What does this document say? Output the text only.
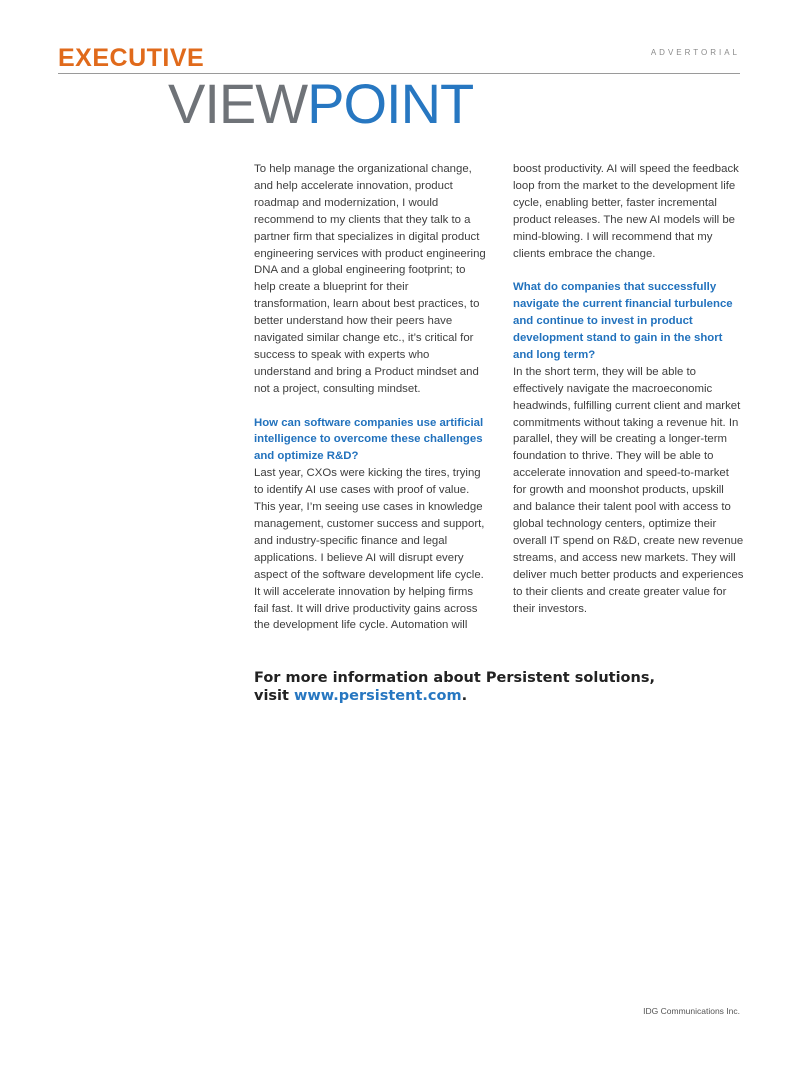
ADVERTORIAL
EXECUTIVE
VIEWPOINT

To help manage the organizational change, and help accelerate innovation, product roadmap and modernization, I would recommend to my clients that they talk to a partner firm that specializes in digital product engineering services with product engineering DNA and a global engineering footprint; to help create a blueprint for their transformation, learn about best practices, to better understand how their peers have navigated similar change etc., it’s critical for success to speak with experts who understand and bring a Product mindset and not a project, consulting mindset.

How can software companies use artificial intelligence to overcome these challenges and optimize R&D?

Last year, CXOs were kicking the tires, trying to identify AI use cases with proof of value. This year, I’m seeing use cases in knowledge management, customer success and support, and industry-specific finance and legal applications. I believe AI will disrupt every aspect of the software development life cycle. It will accelerate innovation by helping firms fail fast. It will drive productivity gains across the development life cycle. Automation will

boost productivity. AI will speed the feedback loop from the market to the development life cycle, enabling better, faster incremental product releases. The new AI models will be mind-blowing. I will recommend that my clients embrace the change.

What do companies that successfully navigate the current financial turbulence and continue to invest in product development stand to gain in the short and long term?

In the short term, they will be able to effectively navigate the macroeconomic headwinds, fulfilling current client and market commitments without taking a revenue hit. In parallel, they will be creating a longer-term foundation to thrive. They will be able to accelerate innovation and speed-to-market for growth and moonshot products, upskill and balance their talent pool with access to global technology centers, optimize their overall IT spend on R&D, create new revenue streams, and access new markets. They will deliver much better products and experiences to their clients and create greater value for their investors.

For more information about Persistent solutions,
visit www.persistent.com.
IDG Communications Inc.
